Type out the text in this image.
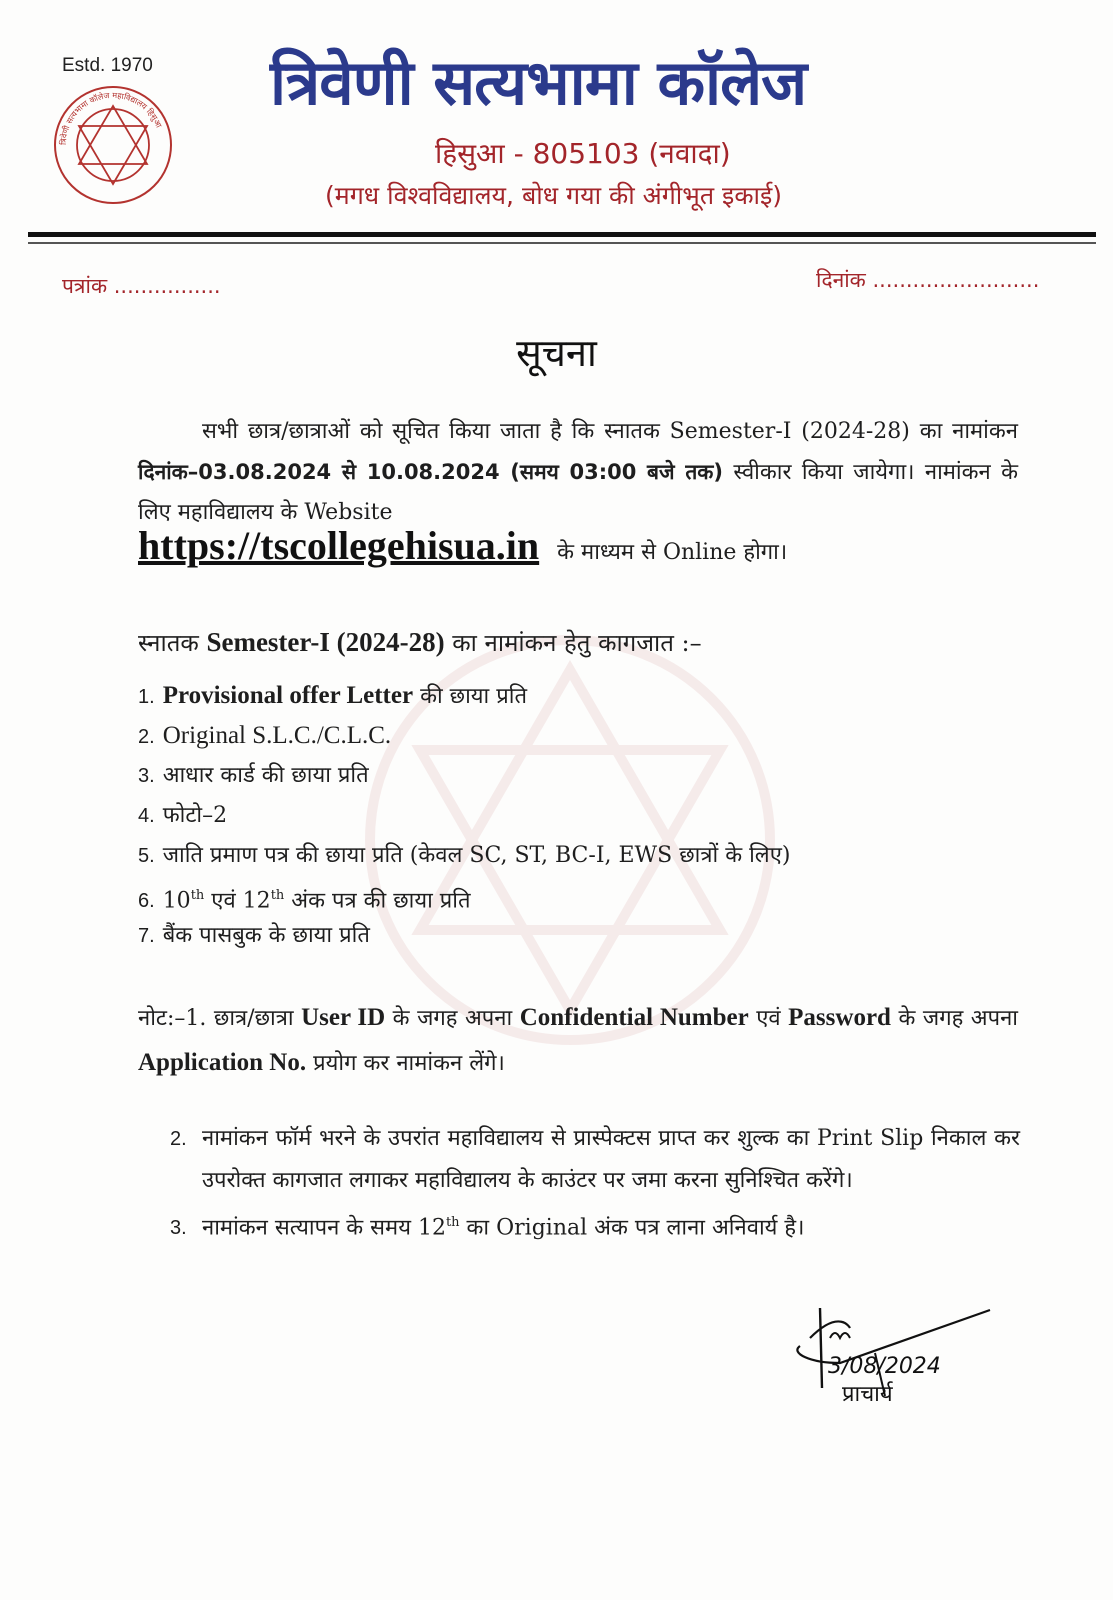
Estd. 1970
त्रिवेणी सत्यभामा कॉलेज महाविद्यालय हिसुआ
त्रिवेणी सत्यभामा कॉलेज
हिसुआ - 805103 (नवादा)
(मगध विश्वविद्यालय, बोध गया की अंगीभूत इकाई)
पत्रांक ................	दिनांक .........................
सूचना
सभी छात्र/छात्राओं को सूचित किया जाता है कि स्नातक Semester-I (2024-28) का नामांकन दिनांक–03.08.2024 से 10.08.2024 (समय 03:00 बजे तक) स्वीकार किया जायेगा। नामांकन के लिए महाविद्यालय के Website
https://tscollegehisua.in के माध्यम से Online होगा।
स्नातक Semester-I (2024-28) का नामांकन हेतु कागजात :–
1. Provisional offer Letter की छाया प्रति
2. Original S.L.C./C.L.C.
3. आधार कार्ड की छाया प्रति
4. फोटो–2
5. जाति प्रमाण पत्र की छाया प्रति (केवल SC, ST, BC-I, EWS छात्रों के लिए)
6. 10th एवं 12th अंक पत्र की छाया प्रति
7. बैंक पासबुक के छाया प्रति
नोट:–1. छात्र/छात्रा User ID के जगह अपना Confidential Number एवं Password के जगह अपना Application No. प्रयोग कर नामांकन लेंगे।
2. नामांकन फॉर्म भरने के उपरांत महाविद्यालय से प्रास्पेक्टस प्राप्त कर शुल्क का Print Slip निकाल कर उपरोक्त कागजात लगाकर महाविद्यालय के काउंटर पर जमा करना सुनिश्चित करेंगे।
3. नामांकन सत्यापन के समय 12th का Original अंक पत्र लाना अनिवार्य है।
3/08/2024
प्राचार्य
